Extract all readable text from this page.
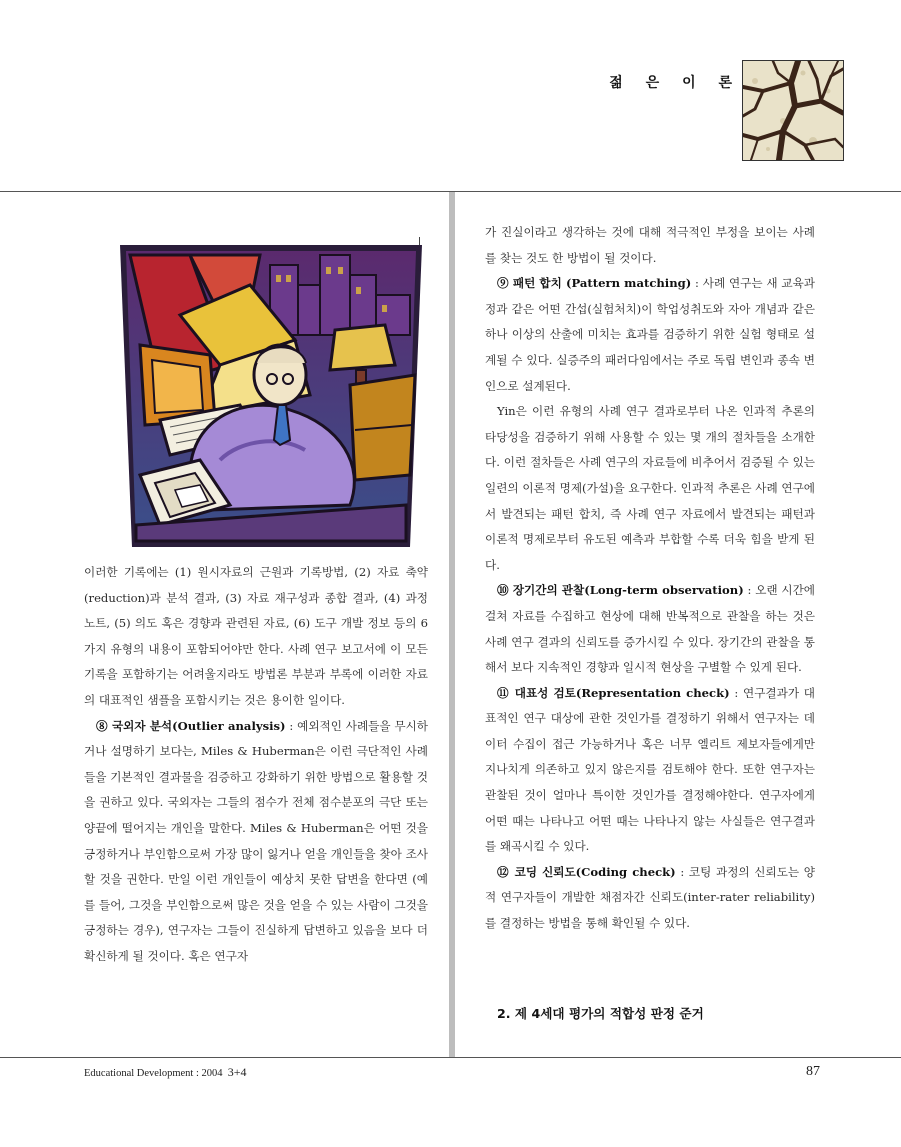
젊 은 이 론

이러한 기록에는 (1) 원시자료의 근원과 기록방법, (2) 자료 축약(reduction)과 분석 결과, (3) 자료 재구성과 종합 결과, (4) 과정 노트, (5) 의도 혹은 경향과 관련된 자료, (6) 도구 개발 정보 등의 6가지 유형의 내용이 포함되어야만 한다. 사례 연구 보고서에 이 모든 기록을 포함하기는 어려울지라도 방법론 부분과 부록에 이러한 자료의 대표적인 샘플을 포함시키는 것은 용이한 일이다.

⑧ 국외자 분석(Outlier analysis) : 예외적인 사례들을 무시하거나 설명하기 보다는, Miles & Huberman은 이런 극단적인 사례들을 기본적인 결과물을 검증하고 강화하기 위한 방법으로 활용할 것을 권하고 있다. 국외자는 그들의 점수가 전체 점수분포의 극단 또는 양끝에 떨어지는 개인을 말한다. Miles & Huberman은 어떤 것을 긍정하거나 부인함으로써 가장 많이 잃거나 얻을 개인들을 찾아 조사할 것을 권한다. 만일 이런 개인들이 예상치 못한 답변을 한다면 (예를 들어, 그것을 부인함으로써 많은 것을 얻을 수 있는 사람이 그것을 긍정하는 경우), 연구자는 그들이 진실하게 답변하고 있음을 보다 더 확신하게 될 것이다. 혹은 연구자

가 진실이라고 생각하는 것에 대해 적극적인 부정을 보이는 사례를 찾는 것도 한 방법이 될 것이다.

⑨ 패턴 합치 (Pattern matching) : 사례 연구는 새 교육과정과 같은 어떤 간섭(실험처치)이 학업성취도와 자아 개념과 같은 하나 이상의 산출에 미치는 효과를 검증하기 위한 실험 형태로 설계될 수 있다. 실증주의 패러다임에서는 주로 독립 변인과 종속 변인으로 설계된다.

Yin은 이런 유형의 사례 연구 결과로부터 나온 인과적 추론의 타당성을 검증하기 위해 사용할 수 있는 몇 개의 절차들을 소개한다. 이런 절차들은 사례 연구의 자료들에 비추어서 검증될 수 있는 일련의 이론적 명제(가설)을 요구한다. 인과적 추론은 사례 연구에서 발견되는 패턴 합치, 즉 사례 연구 자료에서 발견되는 패턴과 이론적 명제로부터 유도된 예측과 부합할 수록 더욱 힘을 받게 된다.

⑩ 장기간의 관찰(Long-term observation) : 오랜 시간에 걸쳐 자료를 수집하고 현상에 대해 반복적으로 관찰을 하는 것은 사례 연구 결과의 신뢰도를 증가시킬 수 있다. 장기간의 관찰을 통해서 보다 지속적인 경향과 일시적 현상을 구별할 수 있게 된다.

⑪ 대표성 검토(Representation check) : 연구결과가 대표적인 연구 대상에 관한 것인가를 결정하기 위해서 연구자는 데이터 수집이 접근 가능하거나 혹은 너무 엘리트 제보자들에게만 지나치게 의존하고 있지 않은지를 검토해야 한다. 또한 연구자는 관찰된 것이 얼마나 특이한 것인가를 결정해야한다. 연구자에게 어떤 때는 나타나고 어떤 때는 나타나지 않는 사실들은 연구결과를 왜곡시킬 수 있다.

⑫ 코딩 신뢰도(Coding check) : 코팅 과정의 신뢰도는 양적 연구자들이 개발한 채점자간 신뢰도(inter-rater reliability)를 결정하는 방법을 통해 확인될 수 있다.

2. 제 4세대 평가의 적합성 판정 준거
Educational Development : 2004 3+4	87
